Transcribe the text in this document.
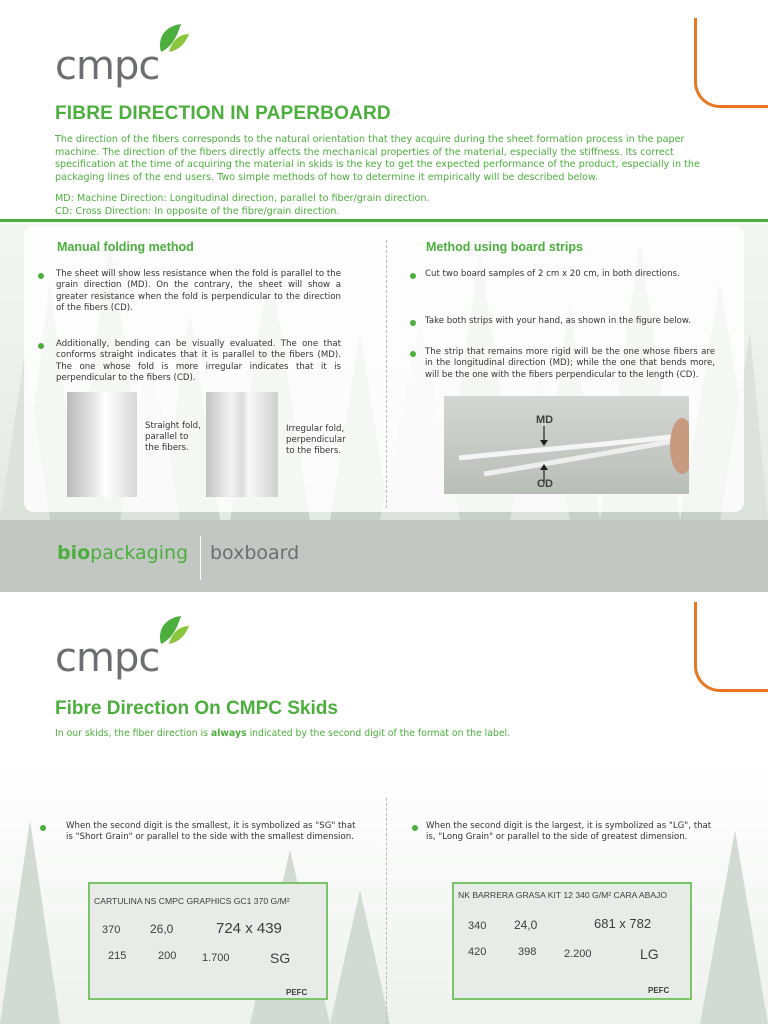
cmpc
FIBRE DIRECTION IN PAPERBOARD
The direction of the fibers corresponds to the natural orientation that they acquire during the sheet formation process in the paper machine. The direction of the fibers directly affects the mechanical properties of the material, especially the stiffness. Its correct specification at the time of acquiring the material in skids is the key to get the expected performance of the product, especially in the packaging lines of the end users. Two simple methods of how to determine it empirically will be described below.
MD: Machine Direction: Longitudinal direction, parallel to fiber/grain direction.
CD: Cross Direction: In opposite of the fibre/grain direction.
Manual folding method
The sheet will show less resistance when the fold is parallel to the grain direction (MD). On the contrary, the sheet will show a greater resistance when the fold is perpendicular to the direction of the fibers (CD).
Additionally, bending can be visually evaluated. The one that conforms straight indicates that it is parallel to the fibers (MD). The one whose fold is more irregular indicates that it is perpendicular to the fibers (CD).
Straight fold,
parallel to
the fibers.
Irregular fold,
perpendicular
to the fibers.
Method using board strips
Cut two board samples of 2 cm x 20 cm, in both directions.
Take both strips with your hand, as shown in the figure below.
The strip that remains more rigid will be the one whose fibers are in the longitudinal direction (MD); while the one that bends more, will be the one with the fibers perpendicular to the length (CD).
MD
CD
biopackaging boxboard
cmpc
Fibre Direction On CMPC Skids
In our skids, the fiber direction is always indicated by the second digit of the format on the label.
When the second digit is the smallest, it is symbolized as "SG" that is "Short Grain" or parallel to the side with the smallest dimension.
When the second digit is the largest, it is symbolized as "LG", that is, "Long Grain" or parallel to the side of greatest dimension.
CARTULINA NS CMPC GRAPHICS GC1 370 G/M²
370 26,0	724 x 439
215	200 1.700	SG
PEFC
NK BARRERA GRASA KIT 12 340 G/M² CARA ABAJO
340 24,0	681 x 782
420	398	2.200	LG
PEFC
